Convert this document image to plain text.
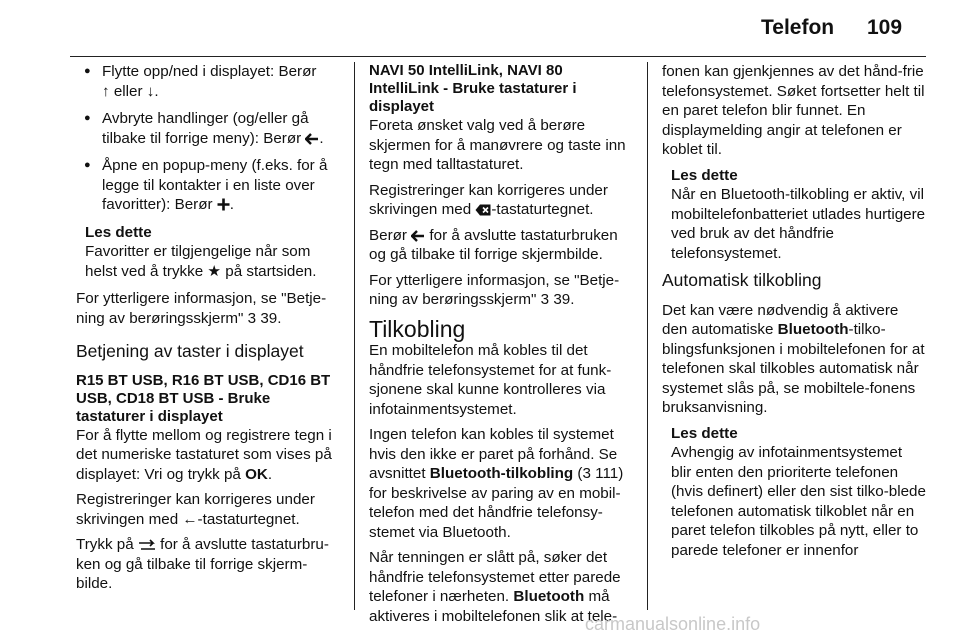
Telefon 109
● Flytte opp/ned i displayet: Berør
↑ eller ↓.
● Avbryte handlinger (og/eller gå tilbake til forrige meny): Berør .
● Åpne en popup-meny (f.eks. for å legge til kontakter i en liste over favoritter): Berør .
Les dette
Favoritter er tilgjengelige når som helst ved å trykke ★ på startsiden.

For ytterligere informasjon, se "Betje-ning av berøringsskjerm" 3 39.

Betjening av taster i displayet
R15 BT USB, R16 BT USB, CD16 BT USB, CD18 BT USB - Bruke tastaturer i displayet

For å flytte mellom og registrere tegn i det numeriske tastaturet som vises på displayet: Vri og trykk på OK.

Registreringer kan korrigeres under skrivingen med ←-tastaturtegnet.

Trykk på  for å avslutte tastaturbru-ken og gå tilbake til forrige skjerm-bilde.

NAVI 50 IntelliLink, NAVI 80 IntelliLink - Bruke tastaturer i displayet

Foreta ønsket valg ved å berøre skjermen for å manøvrere og taste inn tegn med talltastaturet.

Registreringer kan korrigeres under skrivingen med -tastaturtegnet.

Berør  for å avslutte tastaturbruken og gå tilbake til forrige skjermbilde.

For ytterligere informasjon, se "Betje-ning av berøringsskjerm" 3 39.

Tilkobling

En mobiltelefon må kobles til det håndfrie telefonsystemet for at funk-sjonene skal kunne kontrolleres via infotainmentsystemet.

Ingen telefon kan kobles til systemet hvis den ikke er paret på forhånd. Se avsnittet Bluetooth-tilkobling (3 111) for beskrivelse av paring av en mobil-telefon med det håndfrie telefonsy-stemet via Bluetooth.

Når tenningen er slått på, søker det håndfrie telefonsystemet etter parede telefoner i nærheten. Bluetooth må aktiveres i mobiltelefonen slik at tele-

fonen kan gjenkjennes av det hånd-frie telefonsystemet. Søket fortsetter helt til en paret telefon blir funnet. En displaymelding angir at telefonen er koblet til.

Les dette
Når en Bluetooth-tilkobling er aktiv, vil mobiltelefonbatteriet utlades hurtigere ved bruk av det håndfrie telefonsystemet.
Automatisk tilkobling

Det kan være nødvendig å aktivere den automatiske Bluetooth-tilko-blingsfunksjonen i mobiltelefonen for at telefonen skal tilkobles automatisk når systemet slås på, se mobiltele-fonens bruksanvisning.

Les dette
Avhengig av infotainmentsystemet blir enten den prioriterte telefonen (hvis definert) eller den sist tilko-blede telefonen automatisk tilkoblet når en paret telefon tilkobles på nytt, eller to parede telefoner er innenfor
carmanualsonline.info
